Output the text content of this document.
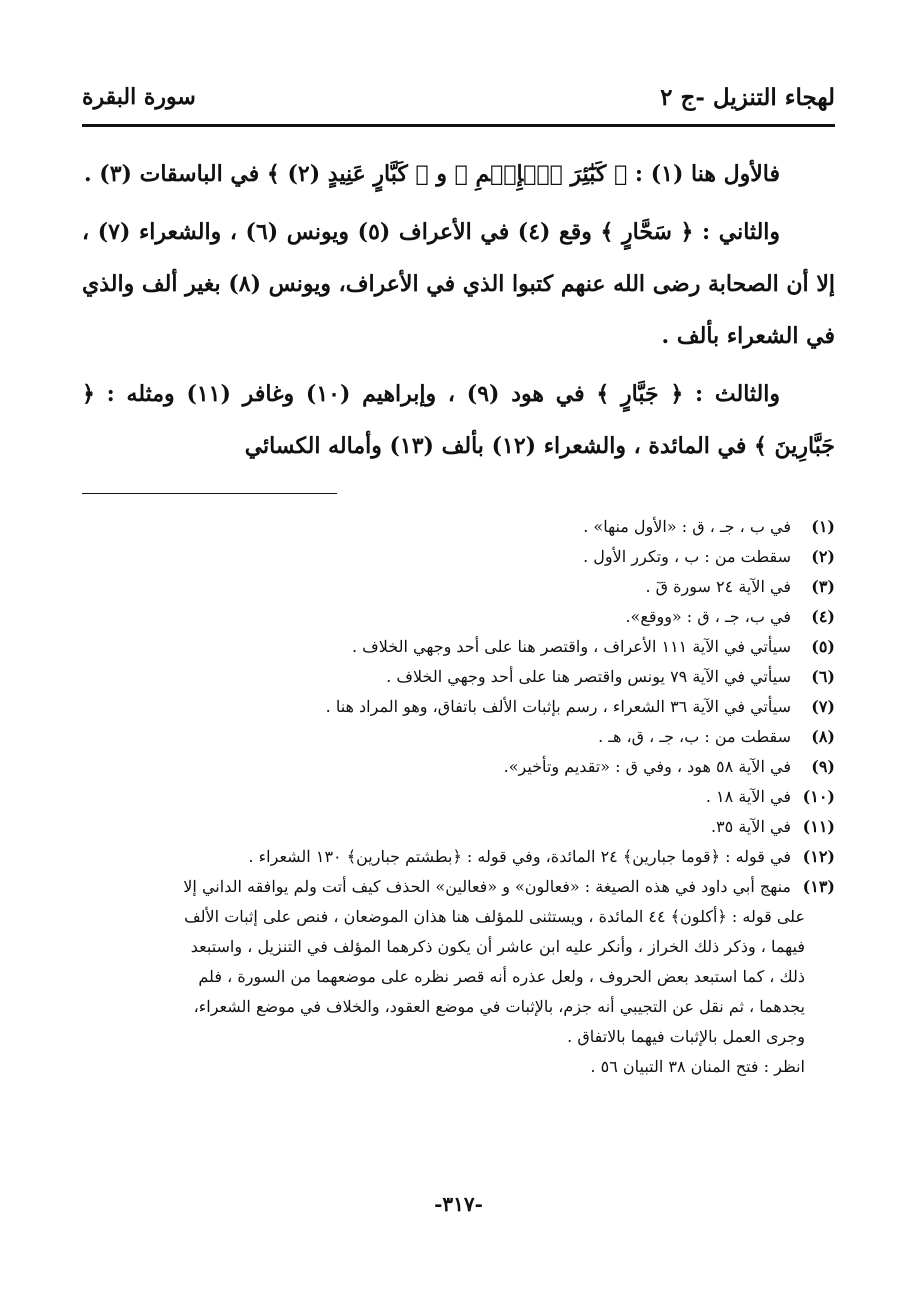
لهجاء التنزيل -ج ٢
سورة البقرة

فالأول هنا (١) : ﴿ كَبَٰٓئِرَ ٱلۡإِثۡمِ ﴾ و ﴿ كَبَّارٍ عَنِيدٍ (٢) ﴾ في الباسقات (٣) .

والثاني : ﴿ سَحَّارٍ ﴾ وقع (٤) في الأعراف (٥) ويونس (٦) ، والشعراء (٧) ، إلا أن الصحابة رضى الله عنهم كتبوا الذي في الأعراف، ويونس (٨) بغير ألف والذي في الشعراء بألف .

والثالث : ﴿ جَبَّارٍ ﴾ في هود (٩) ، وإبراهيم (١٠) وغافر (١١) ومثله : ﴿ جَبَّارِينَ ﴾ في المائدة ، والشعراء (١٢) بألف (١٣) وأماله الكسائي

(١)
في ب ، جـ ، ق : «الأول منها» .
(٢)
سقطت من : ب ، وتكرر الأول .
(٣)
في الآية ٢٤ سورة قٓ .
(٤)
في ب، جـ ، ق : «ووقع».
(٥)
سيأتي في الآية ١١١ الأعراف ، واقتصر هنا على أحد وجهي الخلاف .
(٦)
سيأتي في الآية ٧٩ يونس واقتصر هنا على أحد وجهي الخلاف .
(٧)
سيأتي في الآية ٣٦ الشعراء ، رسم بإثبات الألف باتفاق، وهو المراد هنا .
(٨)
سقطت من : ب، جـ ، ق، هـ .
(٩)
في الآية ٥٨ هود ، وفي ق : «تقديم وتأخير».
(١٠)
في الآية ١٨ .
(١١)
في الآية ٣٥.
(١٢)
في قوله : ﴿قوما جبارين﴾ ٢٤ المائدة، وفي قوله : ﴿بطشتم جبارين﴾ ١٣٠ الشعراء .
(١٣)
منهج أبي داود في هذه الصيغة : «فعالون» و «فعالين» الحذف كيف أتت ولم يوافقه الداني إلا
على قوله : ﴿أكلون﴾ ٤٤ المائدة ، ويستثنى للمؤلف هنا هذان الموضعان ، فنص على إثبات الألف
فيهما ، وذكر ذلك الخراز ، وأنكر عليه ابن عاشر أن يكون ذكرهما المؤلف في التنزيل ، واستبعد
ذلك ، كما استبعد بعض الحروف ، ولعل عذره أنه قصر نظره على موضعهما من السورة ، فلم
يجدهما ، ثم نقل عن التجيبي أنه جزم، بالإثبات في موضع العقود، والخلاف في موضع الشعراء،
وجرى العمل بالإثبات فيهما بالاتفاق .
انظر : فتح المنان ٣٨ التبيان ٥٦ .
-٣١٧-
